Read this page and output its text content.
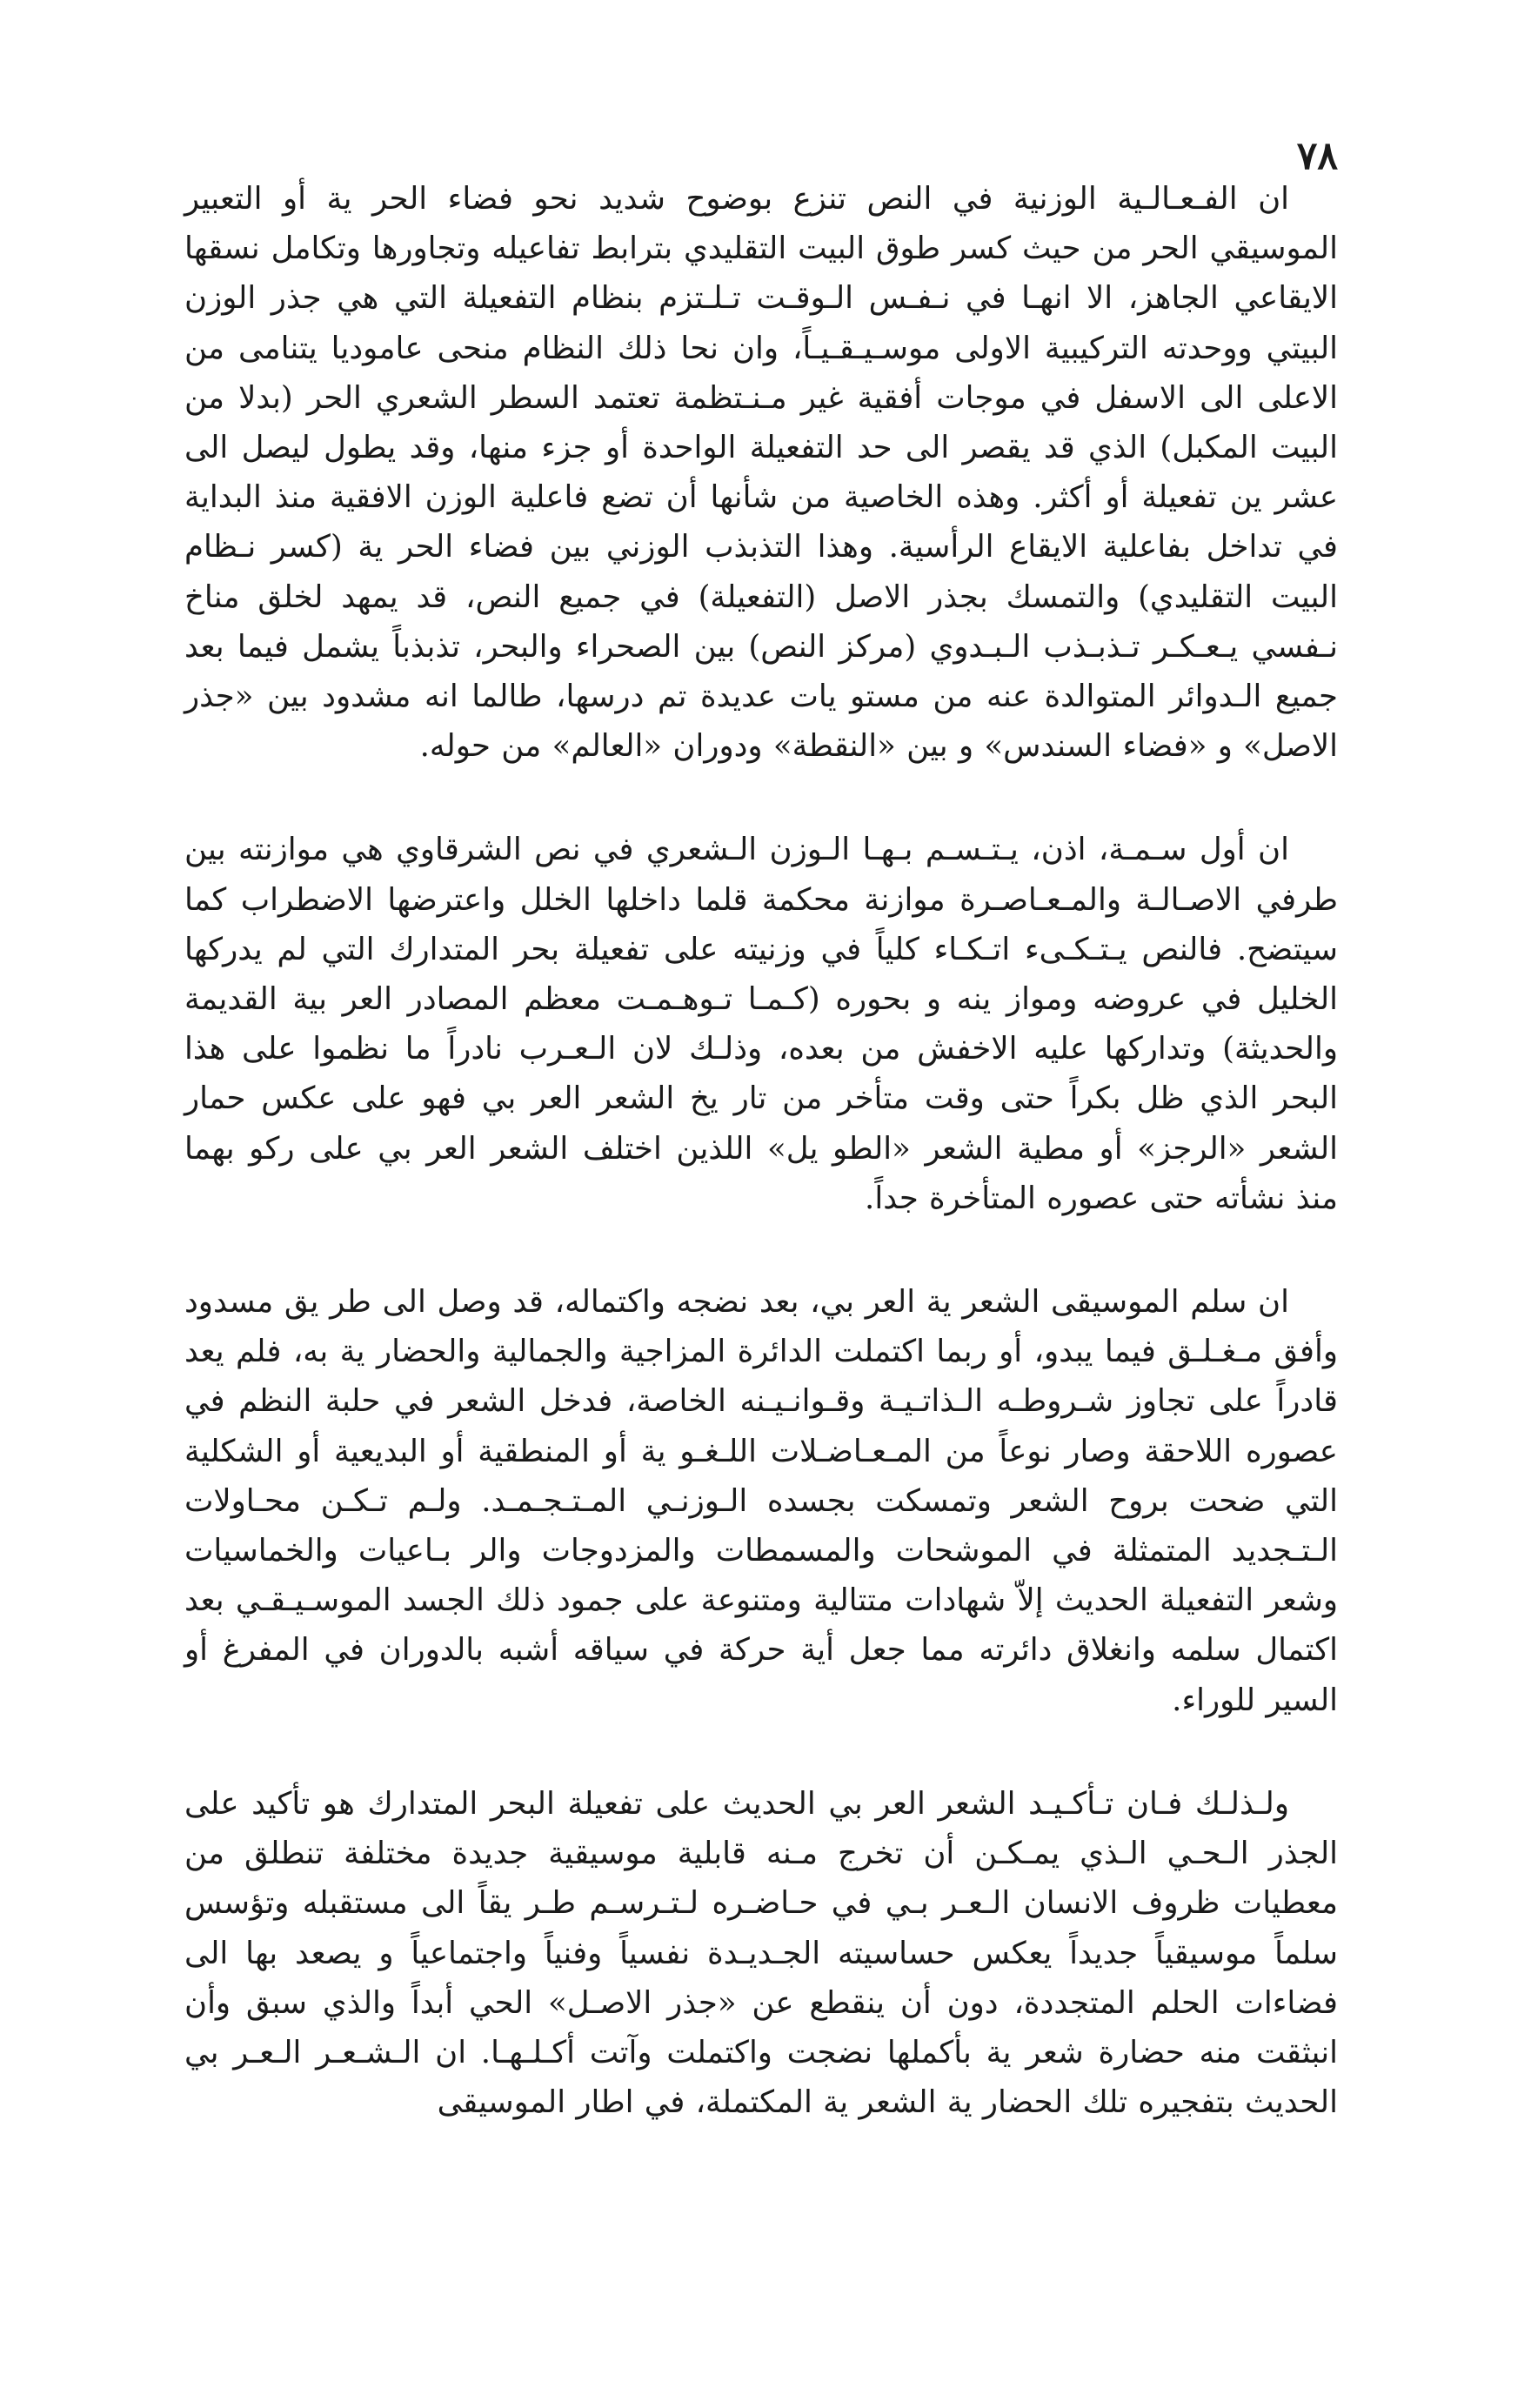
٧٨

ان الفـعـالـية الوزنية في النص تنزع بوضوح شديد نحو فضاء الحر ية أو التعبير الموسيقي الحر من حيث كسر طوق البيت التقليدي بترابط تفاعيله وتجاورها وتكامل نسقها الايقاعي الجاهز، الا انهـا في نـفـس الـوقـت تـلـتزم بنظام التفعيلة التي هي جذر الوزن البيتي ووحدته التركيبية الاولى موسـيـقـيـاً، وان نحا ذلك النظام منحى عاموديا يتنامى من الاعلى الى الاسفل في موجات أفقية غير مـنـتظمة تعتمد السطر الشعري الحر (بدلا من البيت المكبل) الذي قد يقصر الى حد التفعيلة الواحدة أو جزء منها، وقد يطول ليصل الى عشر ين تفعيلة أو أكثر. وهذه الخاصية من شأنها أن تضع فاعلية الوزن الافقية منذ البداية في تداخل بفاعلية الايقاع الرأسية. وهذا التذبذب الوزني بين فضاء الحر ية (كسر نـظام البيت التقليدي) والتمسك بجذر الاصل (التفعيلة) في جميع النص، قد يمهد لخلق مناخ نـفسي يـعـكـر تـذبـذب الـبـدوي (مركز النص) بين الصحراء والبحر، تذبذباً يشمل فيما بعد جميع الـدوائر المتوالدة عنه من مستو يات عديدة تم درسها، طالما انه مشدود بين «جذر الاصل» و «فضاء السندس» و بين «النقطة» ودوران «العالم» من حوله.

ان أول سـمـة، اذن، يـتـسـم بـهـا الـوزن الـشعري في نص الشرقاوي هي موازنته بين طرفي الاصـالـة والمـعـاصـرة موازنة محكمة قلما داخلها الخلل واعترضها الاضطراب كما سيتضح. فالنص يـتـكـىء اتـكـاء كلياً في وزنيته على تفعيلة بحر المتدارك التي لم يدركها الخليل في عروضه ومواز ينه و بحوره (كـمـا تـوهـمـت معظم المصادر العر بية القديمة والحديثة) وتداركها عليه الاخفش من بعده، وذلـك لان الـعـرب نادراً ما نظموا على هذا البحر الذي ظل بكراً حتى وقت متأخر من تار يخ الشعر العر بي فهو على عكس حمار الشعر «الرجز» أو مطية الشعر «الطو يل» اللذين اختلف الشعر العر بي على ركو بهما منذ نشأته حتى عصوره المتأخرة جداً.

ان سلم الموسيقى الشعر ية العر بي، بعد نضجه واكتماله، قد وصل الى طر يق مسدود وأفق مـغـلـق فيما يبدو، أو ربما اكتملت الدائرة المزاجية والجمالية والحضار ية به، فلم يعد قادراً على تجاوز شـروطـه الـذاتـيـة وقـوانـيـنه الخاصة، فدخل الشعر في حلبة النظم في عصوره اللاحقة وصار نوعاً من المـعـاضـلات اللـغـو ية أو المنطقية أو البديعية أو الشكلية التي ضحت بروح الشعر وتمسكت بجسده الـوزنـي المـتـجـمـد. ولـم تـكـن محـاولات الـتـجديد المتمثلة في الموشحات والمسمطات والمزدوجات والر بـاعيات والخماسيات وشعر التفعيلة الحديث إلاّ شهادات متتالية ومتنوعة على جمود ذلك الجسد الموسـيـقـي بعد اكتمال سلمه وانغلاق دائرته مما جعل أية حركة في سياقه أشبه بالدوران في المفرغ أو السير للوراء.

ولـذلـك فـان تـأكـيـد الشعر العر بي الحديث على تفعيلة البحر المتدارك هو تأكيد على الجذر الـحـي الـذي يمـكـن أن تخرج مـنه قابلية موسيقية جديدة مختلفة تنطلق من معطيات ظروف الانسان الـعـر بـي في حـاضـره لـتـرسـم طـر يقاً الى مستقبله وتؤسس سلماً موسيقياً جديداً يعكس حساسيته الجـديـدة نفسياً وفنياً واجتماعياً و يصعد بها الى فضاءات الحلم المتجددة، دون أن ينقطع عن «جذر الاصـل» الحي أبداً والذي سبق وأن انبثقت منه حضارة شعر ية بأكملها نضجت واكتملت وآتت أكـلـهـا. ان الـشـعـر الـعـر بي الحديث بتفجيره تلك الحضار ية الشعر ية المكتملة، في اطار الموسيقى
